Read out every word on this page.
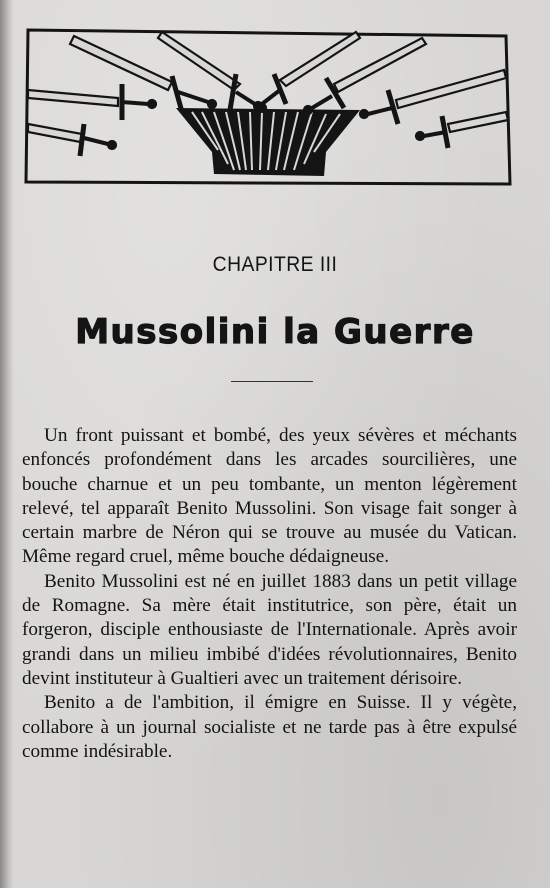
CHAPITRE III
Mussolini la Guerre

Un front puissant et bombé, des yeux sévères et méchants enfoncés profondément dans les arcades sourcilières, une bouche charnue et un peu tombante, un menton légèrement relevé, tel apparaît Benito Mussolini. Son visage fait songer à certain marbre de Néron qui se trouve au musée du Vatican. Même regard cruel, même bouche dédaigneuse.

Benito Mussolini est né en juillet 1883 dans un petit village de Romagne. Sa mère était institutrice, son père, était un forgeron, disciple enthousiaste de l'Internationale. Après avoir grandi dans un milieu imbibé d'idées révolutionnaires, Benito devint instituteur à Gualtieri avec un traitement dérisoire.

Benito a de l'ambition, il émigre en Suisse. Il y végète, collabore à un journal socialiste et ne tarde pas à être expulsé comme indésirable.
